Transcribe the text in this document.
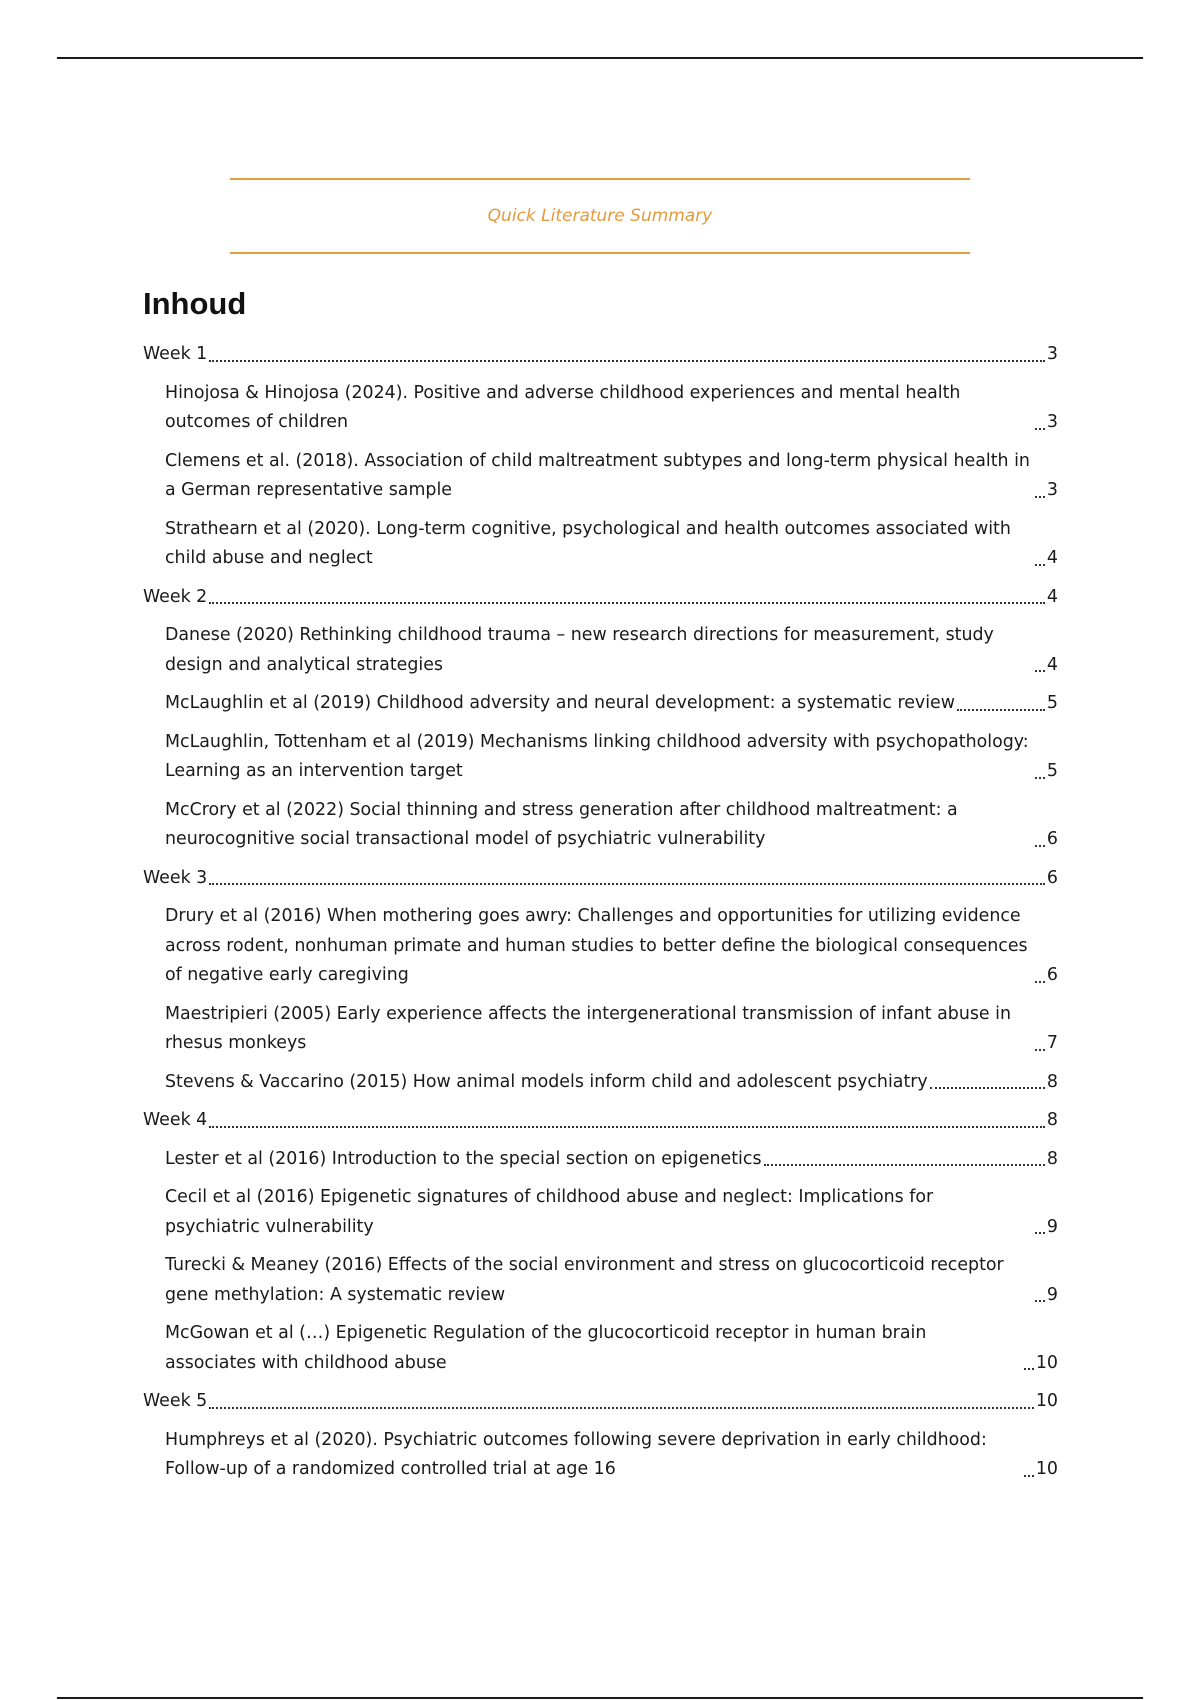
Quick Literature Summary
Inhoud
Week 1	3
Hinojosa & Hinojosa (2024). Positive and adverse childhood experiences and mental health outcomes of children	3
Clemens et al. (2018). Association of child maltreatment subtypes and long-term physical health in a German representative sample	3
Strathearn et al (2020). Long-term cognitive, psychological and health outcomes associated with child abuse and neglect	4
Week 2	4
Danese (2020) Rethinking childhood trauma – new research directions for measurement, study design and analytical strategies	4
McLaughlin et al (2019) Childhood adversity and neural development: a systematic review	5
McLaughlin, Tottenham et al (2019) Mechanisms linking childhood adversity with psychopathology: Learning as an intervention target	5
McCrory et al (2022) Social thinning and stress generation after childhood maltreatment: a neurocognitive social transactional model of psychiatric vulnerability	6
Week 3	6
Drury et al (2016) When mothering goes awry: Challenges and opportunities for utilizing evidence across rodent, nonhuman primate and human studies to better define the biological consequences of negative early caregiving	6
Maestripieri (2005) Early experience affects the intergenerational transmission of infant abuse in rhesus monkeys	7
Stevens & Vaccarino (2015) How animal models inform child and adolescent psychiatry	8
Week 4	8
Lester et al (2016) Introduction to the special section on epigenetics	8
Cecil et al (2016) Epigenetic signatures of childhood abuse and neglect: Implications for psychiatric vulnerability	9
Turecki & Meaney (2016) Effects of the social environment and stress on glucocorticoid receptor gene methylation: A systematic review	9
McGowan et al (…) Epigenetic Regulation of the glucocorticoid receptor in human brain associates with childhood abuse	10
Week 5	10
Humphreys et al (2020). Psychiatric outcomes following severe deprivation in early childhood: Follow-up of a randomized controlled trial at age 16	10
